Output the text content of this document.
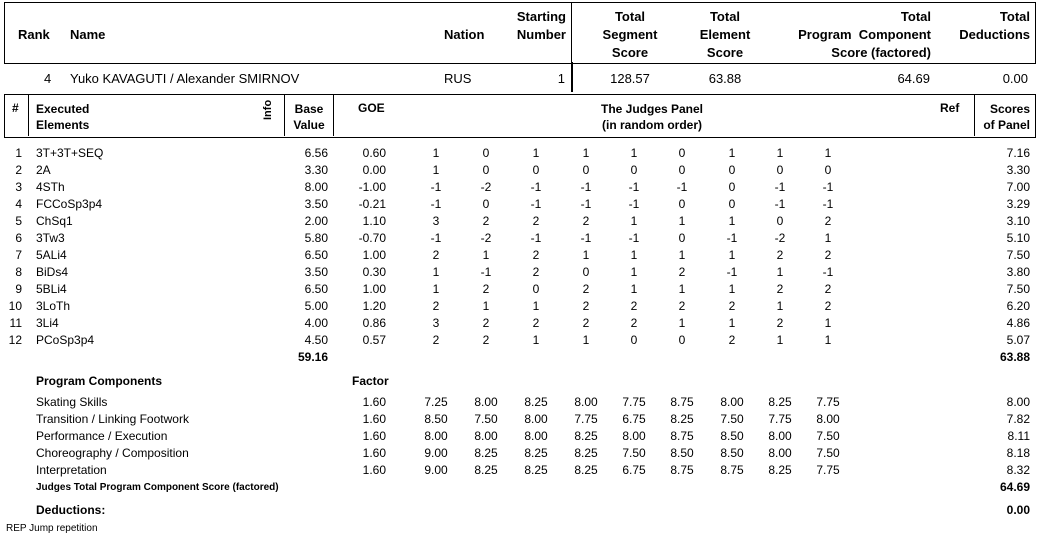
Rank Name	Nation
Starting
Number
Total
Segment
Score
Total
Element
Score
Total
Program  Component
Score (factored)
Total
Deductions
4 Yuko KAVAGUTI / Alexander SMIRNOV	RUS	1	128.57	63.88	64.69	0.00
# Executed
Elements
Info	Base
Value
GOE	The Judges Panel
(in random order)
Ref	Scores
of Panel
1 3T+3T+SEQ	6.56	0.60	1	0	1	1	1	0	1	1	1	7.16
2 2A	3.30	0.00	1	0	0	0	0	0	0	0	0	3.30
3 4STh	8.00	-1.00	-1	-2	-1	-1	-1	-1	0	-1	-1	7.00
4 FCCoSp3p4	3.50	-0.21	-1	0	-1	-1	-1	0	0	-1	-1	3.29
5 ChSq1	2.00	1.10	3	2	2	2	1	1	1	0	2	3.10
6 3Tw3	5.80	-0.70	-1	-2	-1	-1	-1	0	-1	-2	1	5.10
7 5ALi4	6.50	1.00	2	1	2	1	1	1	1	2	2	7.50
8 BiDs4	3.50	0.30	1	-1	2	0	1	2	-1	1	-1	3.80
9 5BLi4	6.50	1.00	1	2	0	2	1	1	1	2	2	7.50
10 3LoTh	5.00	1.20	2	1	1	2	2	2	2	1	2	6.20
11 3Li4	4.00	0.86	3	2	2	2	2	1	1	2	1	4.86
12 PCoSp3p4	4.50	0.57	2	2	1	1	0	0	2	1	1	5.07
59.16	63.88
Program Components	Factor
Skating Skills	1.60	7.25	8.00	8.25	8.00	7.75	8.75	8.00	8.25	7.75	8.00
Transition / Linking Footwork	1.60	8.50	7.50	8.00	7.75	6.75	8.25	7.50	7.75	8.00	7.82
Performance / Execution	1.60	8.00	8.00	8.00	8.25	8.00	8.75	8.50	8.00	7.50	8.11
Choreography / Composition	1.60	9.00	8.25	8.25	8.25	7.50	8.50	8.50	8.00	7.50	8.18
Interpretation	1.60	9.00	8.25	8.25	8.25	6.75	8.75	8.75	8.25	7.75	8.32
Judges Total Program Component Score (factored)	64.69
Deductions:	0.00
REP Jump repetition
